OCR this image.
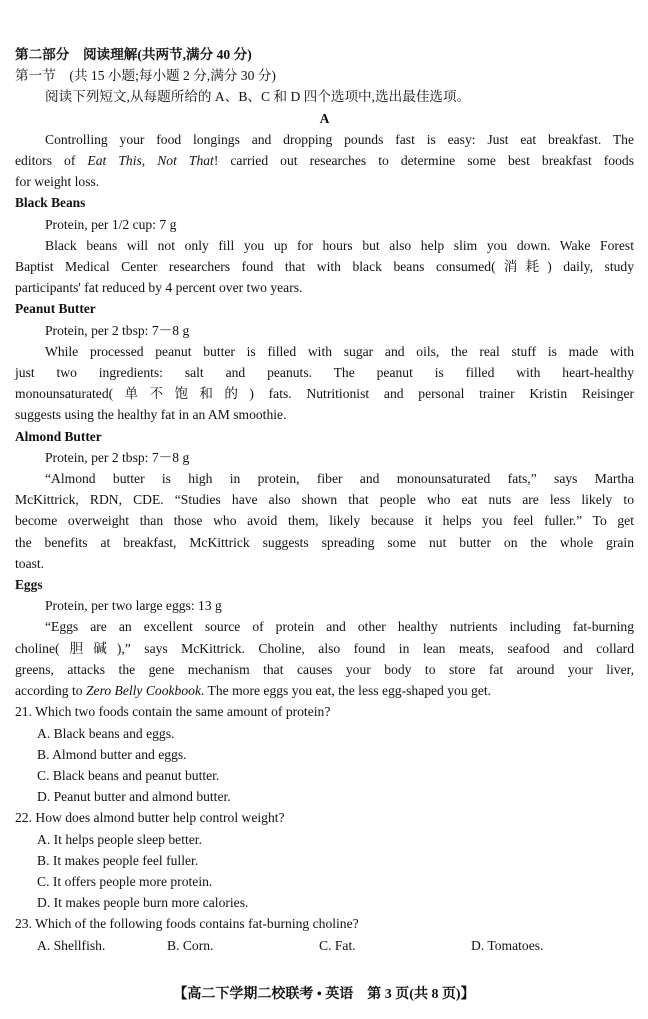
第二部分　阅读理解(共两节,满分 40 分)
第一节　(共 15 小题;每小题 2 分,满分 30 分)
阅读下列短文,从每题所给的 A、B、C 和 D 四个选项中,选出最佳选项。
A
Controlling your food longings and dropping pounds fast is easy: Just eat breakfast. The
editors of Eat This, Not That! carried out researches to determine some best breakfast foods
for weight loss.
Black Beans
Protein, per 1/2 cup: 7 g
Black beans will not only fill you up for hours but also help slim you down. Wake Forest
Baptist Medical Center researchers found that with black beans consumed(消耗) daily, study
participants' fat reduced by 4 percent over two years.
Peanut Butter
Protein, per 2 tbsp: 7－8 g
While processed peanut butter is filled with sugar and oils, the real stuff is made with
just two ingredients: salt and peanuts. The peanut is filled with heart-healthy
monounsaturated(单不饱和的) fats. Nutritionist and personal trainer Kristin Reisinger
suggests using the healthy fat in an AM smoothie.
Almond Butter
Protein, per 2 tbsp: 7－8 g
“Almond butter is high in protein, fiber and monounsaturated fats,” says Martha
McKittrick, RDN, CDE. “Studies have also shown that people who eat nuts are less likely to
become overweight than those who avoid them, likely because it helps you feel fuller.” To get
the benefits at breakfast, McKittrick suggests spreading some nut butter on the whole grain
toast.
Eggs
Protein, per two large eggs: 13 g
“Eggs are an excellent source of protein and other healthy nutrients including fat-burning
choline(胆碱),” says McKittrick. Choline, also found in lean meats, seafood and collard
greens, attacks the gene mechanism that causes your body to store fat around your liver,
according to Zero Belly Cookbook. The more eggs you eat, the less egg-shaped you get.
21. Which two foods contain the same amount of protein?
A. Black beans and eggs.
B. Almond butter and eggs.
C. Black beans and peanut butter.
D. Peanut butter and almond butter.
22. How does almond butter help control weight?
A. It helps people sleep better.
B. It makes people feel fuller.
C. It offers people more protein.
D. It makes people burn more calories.
23. Which of the following foods contains fat-burning choline?
A. Shellfish.	B. Corn.	C. Fat.	D. Tomatoes.
【高二下学期二校联考 • 英语　第 3 页(共 8 页)】
